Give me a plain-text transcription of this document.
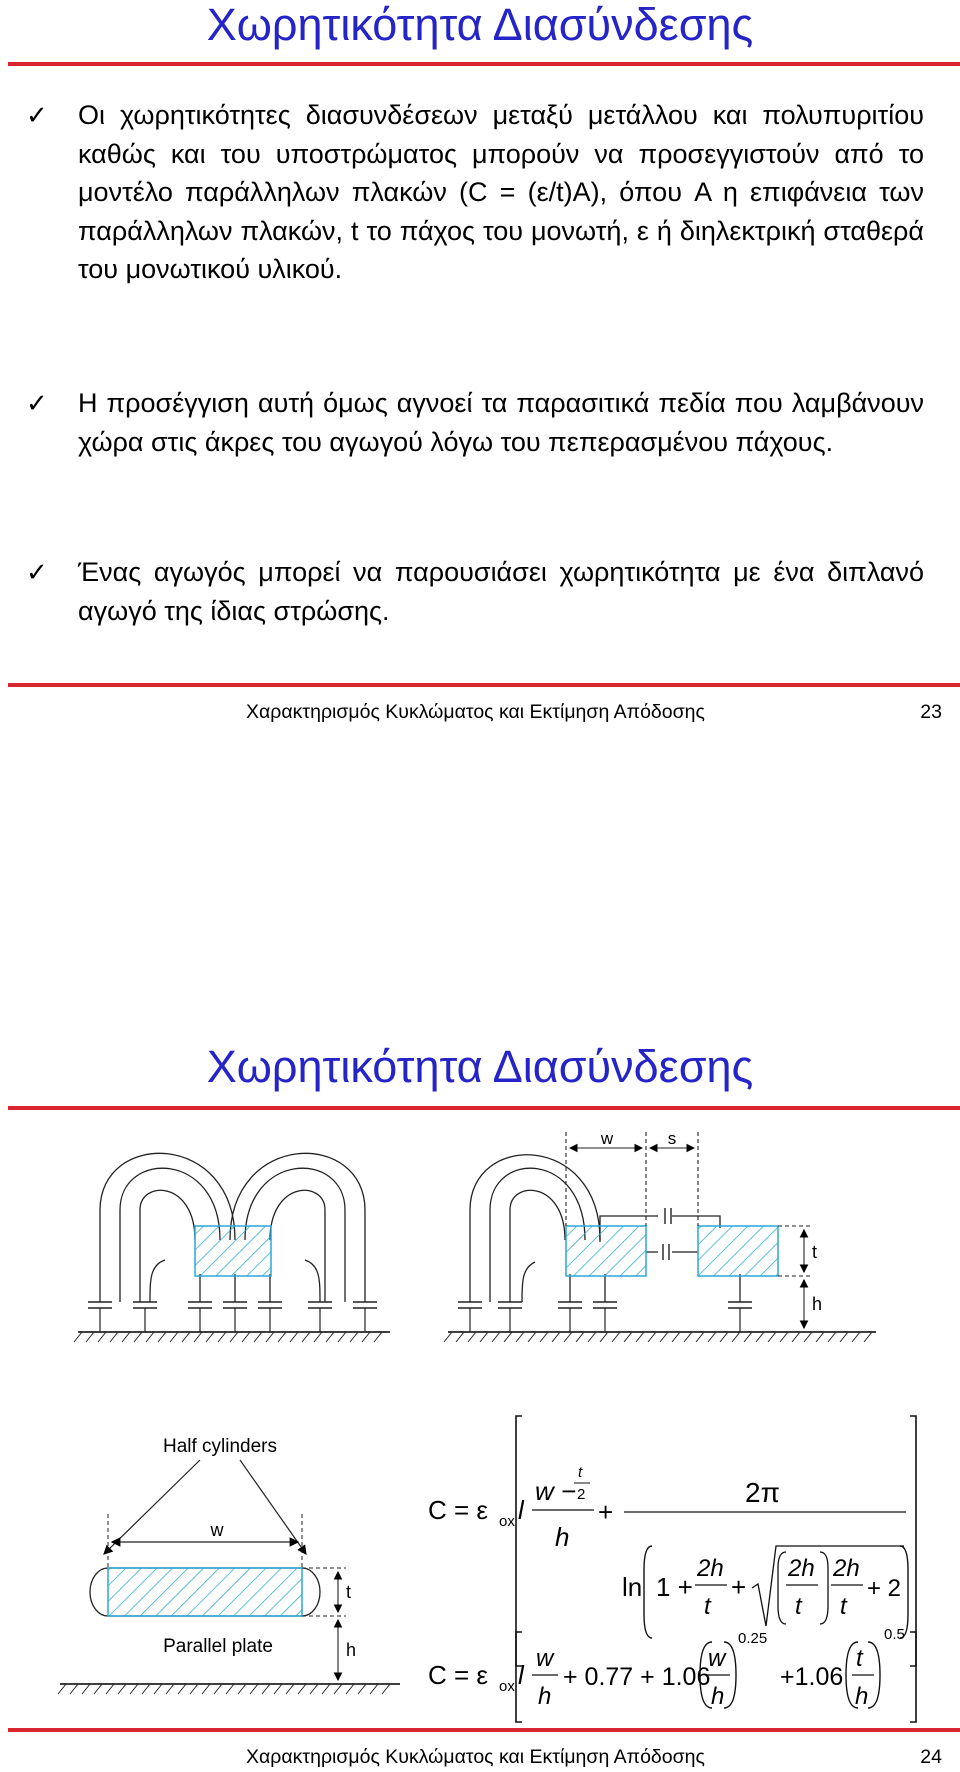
Χωρητικότητα Διασύνδεσης
✓ Οι χωρητικότητες διασυνδέσεων μεταξύ μετάλλου και πολυπυριτίου καθώς και του υποστρώματος μπορούν να προσεγγιστούν από το μοντέλο παράλληλων πλακών (C = (ε/t)A), όπου A η επιφάνεια των παράλληλων πλακών, t το πάχος του μονωτή, ε ή διηλεκτρική σταθερά του μονωτικού υλικού.
✓ Η προσέγγιση αυτή όμως αγνοεί τα παρασιτικά πεδία που λαμβάνουν χώρα στις άκρες του αγωγού λόγω του πεπερασμένου πάχους.
✓ Ένας αγωγός μπορεί να παρουσιάσει χωρητικότητα με ένα διπλανό αγωγό της ίδιας στρώσης.
Χαρακτηρισμός Κυκλώματος και Εκτίμηση Απόδοσης	23
Χωρητικότητα Διασύνδεσης
w	s
t
h
Half cylinders
w
t
Parallel plate	h
C = ε ox l
w −
t
2
h
+
2π
ln 1 +
2h
t
+
2h
t
2h
t
+ 2
C = ε ox l
w
h
+ 0.77 + 1.06
w
h
0.25
+1.06
t
h
0.5
Χαρακτηρισμός Κυκλώματος και Εκτίμηση Απόδοσης	24
